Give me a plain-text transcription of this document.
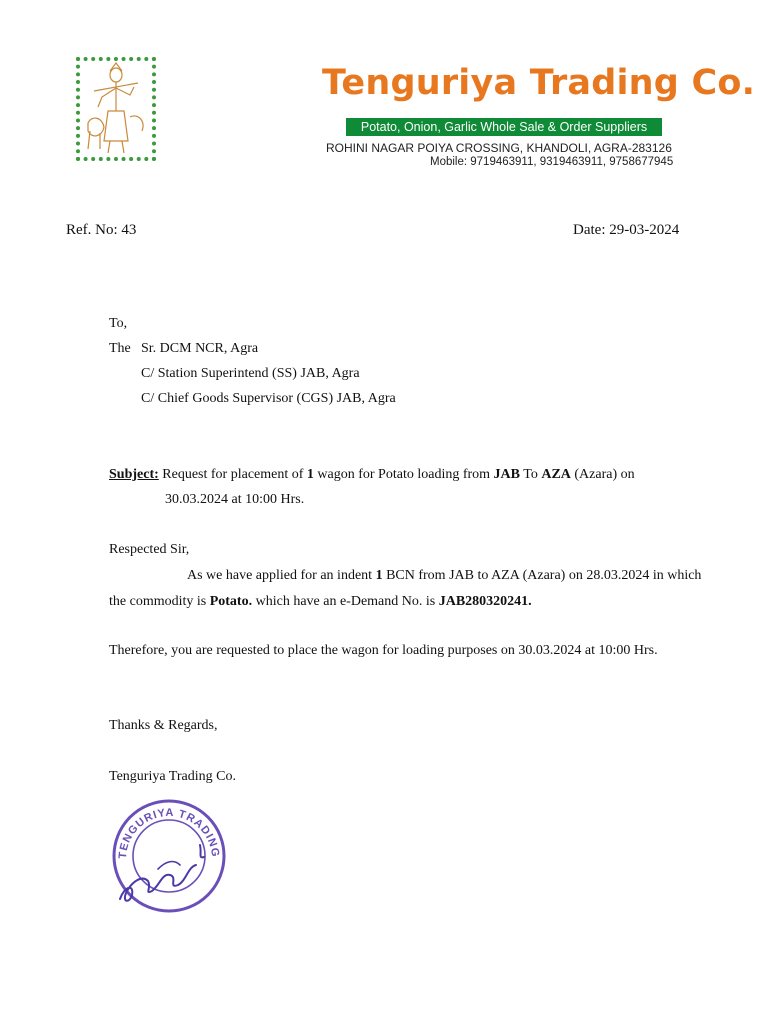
Tenguriya Trading Co.
Potato, Onion, Garlic Whole Sale & Order Suppliers
ROHINI NAGAR POIYA CROSSING, KHANDOLI, AGRA-283126
Mobile: 9719463911, 9319463911, 9758677945
Ref. No: 43	Date: 29-03-2024
To,
The Sr. DCM NCR, Agra
C/ Station Superintend (SS) JAB, Agra
C/ Chief Goods Supervisor (CGS) JAB, Agra
Subject: Request for placement of 1 wagon for Potato loading from JAB To AZA (Azara) on
30.03.2024 at 10:00 Hrs.
Respected Sir,
As we have applied for an indent 1 BCN from JAB to AZA (Azara) on 28.03.2024 in which
the commodity is Potato. which have an e-Demand No. is JAB280320241.
Therefore, you are requested to place the wagon for loading purposes on 30.03.2024 at 10:00 Hrs.
Thanks & Regards,
Tenguriya Trading Co.
TENGURIYA TRADING
